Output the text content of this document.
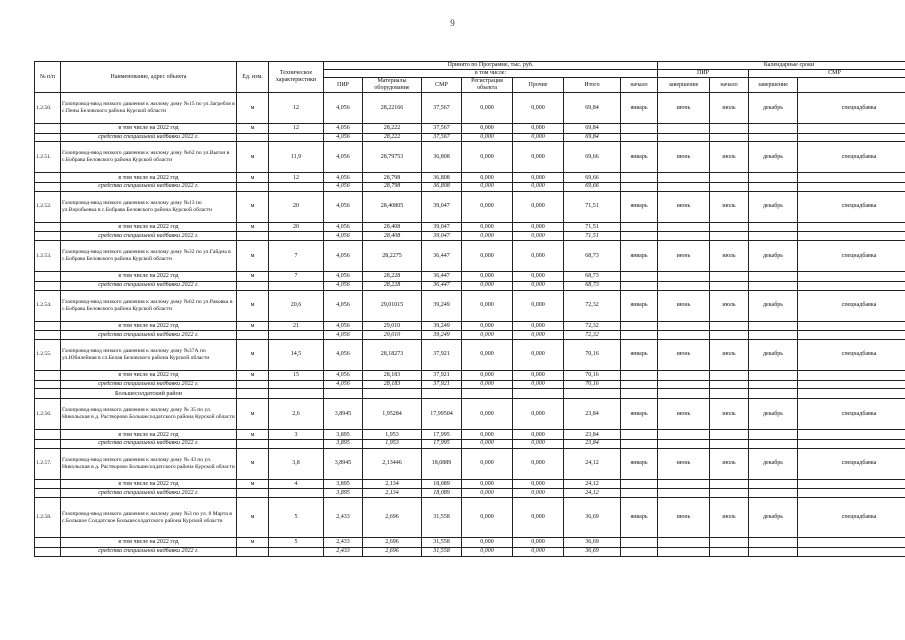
9
№ п/п	Наименование, адрес объекта	Ед. изм.	Техническое характеристики	Принято по Программе, тыс. руб.							Календарные сроки	
				в том числе:							ПИР		СМР		
				ПИР	Материалы оборудование	СМР	Регистрация объекта	Прочие	Итого	начало	завершение	начало	завершение		
1.2.50.	Газопровод-ввод низкого давления к жилому дому №15 по ул.Загребля в с.Пены Беловского района Курской области	м	12	4,056	28,22166	37,567	0,000	0,000	69,84	январь	июнь	июль	декабрь	спецнадбавка	
	в том числе на 2022 год	м	12	4,056	28,222	37,567	0,000	0,000	69,84						
	средства специальной надбавки 2022 г.			4,056	28,222	37,567	0,000	0,000	69,84						
1.2.51.	Газопровод-ввод низкого давления к жилому дому №62 по ул.Выгон в с.Бобрава Беловского района Курской области	м	11,9	4,056	28,79753	36,808	0,000	0,000	69,66	январь	июнь	июль	декабрь	спецнадбавка	
	в том числе на 2022 год	м	12	4,056	28,798	36,808	0,000	0,000	69,66						
	средства специальной надбавки 2022 г.			4,056	28,798	36,808	0,000	0,000	69,66						
1.2.52.	Газопровод-ввод низкого давления к жилому дому №13 по ул.Воробьевка в с.Бобрава Беловского района Курской области	м	20	4,056	28,40805	39,047	0,000	0,000	71,51	январь	июнь	июль	декабрь	спецнадбавка	
	в том числе на 2022 год	м	20	4,056	28,408	39,047	0,000	0,000	71,51						
	средства специальной надбавки 2022 г.			4,056	28,408	39,047	0,000	0,000	71,51						
1.2.53.	Газопровод-ввод низкого давления к жилому дому №32 по ул.Гайдна в с.Бобрава Беловского района Курской области	м	7	4,056	28,2275	36,447	0,000	0,000	68,73	январь	июнь	июль	декабрь	спецнадбавка	
	в том числе на 2022 год	м	7	4,056	28,228	36,447	0,000	0,000	68,73						
	средства специальной надбавки 2022 г.			4,056	28,228	36,447	0,000	0,000	68,73						
1.2.54.	Газопровод-ввод низкого давления к жилому дому №62 по ул.Раковка в с.Бобрава Беловского района Курской области	м	20,6	4,056	29,01015	39,249	0,000	0,000	72,32	январь	июнь	июль	декабрь	спецнадбавка	
	в том числе на 2022 год	м	21	4,056	29,010	39,249	0,000	0,000	72,32						
	средства специальной надбавки 2022 г.			4,056	29,010	39,249	0,000	0,000	72,32						
1.2.55.	Газопровод-ввод низкого давления к жилому дому №37А по ул.Юбилейная в сл.Белая Беловского района Курской области	м	14,5	4,056	28,18273	37,921	0,000	0,000	70,16	январь	июнь	июль	декабрь	спецнадбавка	
	в том числе на 2022 год	м	15	4,056	28,183	37,921	0,000	0,000	70,16						
	средства специальной надбавки 2022 г.			4,056	28,183	37,921	0,000	0,000	70,16						
	Большесолдатский район														
1.2.56.	Газопровод-ввод низкого давления к жилому дому № 35 по ул. Никольская в д. Растворово Большесолдатского района Курской области	м	2,6	3,8945	1,95284	17,99504	0,000	0,000	23,84	январь	июнь	июль	декабрь	спецнадбавка	
	в том числе на 2022 год	м	3	3,895	1,953	17,995	0,000	0,000	23,84						
	средства специальной надбавки 2022 г.			3,895	1,953	17,995	0,000	0,000	23,84						
1.2.57.	Газопровод-ввод низкого давления к жилому дому № 43 по ул. Никольская в д. Растворово Большесолдатского района Курской области	м	3,8	3,8945	2,13446	18,0889	0,000	0,000	24,12	январь	июнь	июль	декабрь	спецнадбавка	
	в том числе на 2022 год	м	4	3,895	2,134	18,089	0,000	0,000	24,12						
	средства специальной надбавки 2022 г.			3,895	2,134	18,089	0,000	0,000	24,12						
1.2.58.	Газопровод-ввод низкого давления к жилому дому №3 по ул. 8 Марта в с.Большое Солдатское Большесолдатского района Курской области	м	5	2,433	2,696	31,558	0,000	0,000	36,69	январь	июнь	июль	декабрь	спецнадбавка	
	в том числе на 2022 год	м	5	2,433	2,696	31,558	0,000	0,000	36,69						
	средства специальной надбавки 2022 г.			2,433	2,696	31,558	0,000	0,000	36,69						
